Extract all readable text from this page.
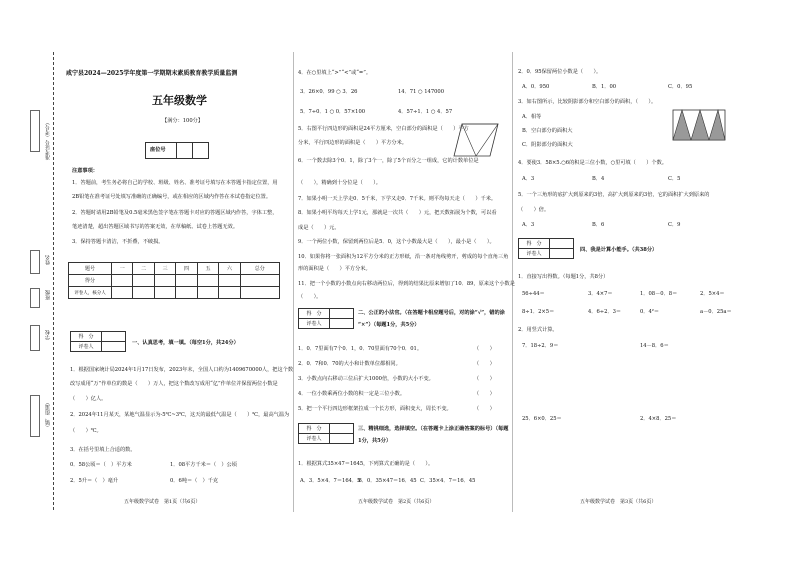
准考证号（考号）
姓名
班级
学校
（镇、街道）
咸宁县2024—2025学年度第一学期期末素质教育教学质量监测
五年级数学
【满分：100分】
座位号
注意事项：
1．答题前，考生务必将自己的学校、班级、姓名、准考证号填写在本答题卡指定位置，用
2B铅笔在准考证号处填写准确的正确编号，或在相应的区域内作答在本试卷指定位置。
2．答题时请用2B铅笔及0.5毫米黑色签字笔在答题卡对应的答题区域内作答，字体工整，
笔迹清楚，超出答题区域书写的答案无效，在草稿纸、试卷上答题无效。
3．保持答题卡清洁，不折叠，不破损。
题号	一	二	三	四	五	六	总分
得分							
评卷人，核分人							
得　分	
评卷人	
一、认真思考，填一填。（每空1分，共24分）
1．根据国家统计局2024年1月17日发布，2023年末，全国人口约为1409670000人，把这个数
改写成用“万”作单位的数是（　　）万人，把这个数改写成用“亿”作单位并保留两位小数是
（　　）亿人。
2．2024年11月某天，某地气温显示为-5℃~3℃，这天的最低气温是（　　）℃，最高气温为
（　　）℃。
3．在括号里填上合适的数。
0．58公顷＝（　）平方米	1．08平方千米＝（　）公顷
2．5升＝（　）毫升	0．6吨＝（　）千克
五年级数学试卷　第1页（共6页）
4．在○里填上“>”“<”或“=”。
3．26×0．99 ○ 3．26	14．71 ○ 147000
5．7÷0．1 ○ 0．57×100	4．57÷1．1 ○ 4．57
5．右图平行四边形的面积是24平方厘米，空白部分的面积是（　　）平方
分米，平行四边形的面积是（　　）平方分米。
6．一个数去除3个0．1，除了3个一，除了5个百分之一组成，它的计数单位是
（　　），精确到十分位是（　　）。
7．如果小明一天上学走0．5千米，下学又走0．7千米。则平均每天走（　　）千米。
8．如果小明平均每天上学1元，那就是一次共（　　）元，把天数拓展为个数，可以看
成是（　　）元。
9．一个两位小数，保留到两位后是5．0，这个小数最大是（　　），最小是（　　）。
10．如果你将一张面积为12平方分米的正方形纸，沿一条对角线剪开，剪成的每个直角三角
形的面积是（　　）平方分米。
11．把一个小数的小数点向右移动两位后，得到的结果比原来增加了10．89，原来这个小数是
（　　）。
得　分	
评卷人	
二、公正的小法官。（在答题卡相应题号后，对的涂“√”，错的涂
“×”）（每题1分，共5分）
1．0．7里面有7个0．1，0．70里面有70个0．01。	（　　）
2．0．7和0．70的大小和计数单位都相同。	（　　）
3．小数点向右移动三位后扩大1000倍，小数的大小不变。	（　　）
4．一位小数乘两位小数的积一定是三位小数。	（　　）
5．把一个平行四边形框架拉成一个长方形，面积变大，周长不变。	（　　）
得　分	
评卷人	
三、精挑细选，选择填空。（在答题卡上涂正确答案的标号）（每题
1分，共5分）
1．根据算式35×47＝1645，下列算式正确的是（　　）。
A．3．5×4．7＝164．5
B．0．35×47＝16．45 C．35×4．7＝16．45
五年级数学试卷　第2页（共6页）
2．0．95保留两位小数是（　　）。
A．0．950	B．1．00	C．0．95
3．如右图所示，比较阴影部分和空白部分的面积，（　　）。
A．相等
B．空白部分的面积大
C．阴影部分的面积大
4．要使3．58×5.○6的积是三位小数，○里可填（　　）个数。
A．3	B．4	C．5
5．一个三角形的底扩大到原来的3倍，高扩大到原来的3倍，它的面积扩大到原来的
（　　）倍。
A．3	B．6	C．9
得　分	
评卷人	
四、我是计算小能手。（共38分）
1．直接写出得数。（每题1分，共8分）
56÷44＝	3．4×7＝	1．08－0．8＝	2．5×4＝
8÷1．2×5＝	4．6÷2．3＝	0．4²＝	a－0．25a＝
2．用竖式计算。
7．18÷2．9＝	14－8．6＝
25．6×0．25＝	2．4×8．25＝
五年级数学试卷　第3页（共6页）
